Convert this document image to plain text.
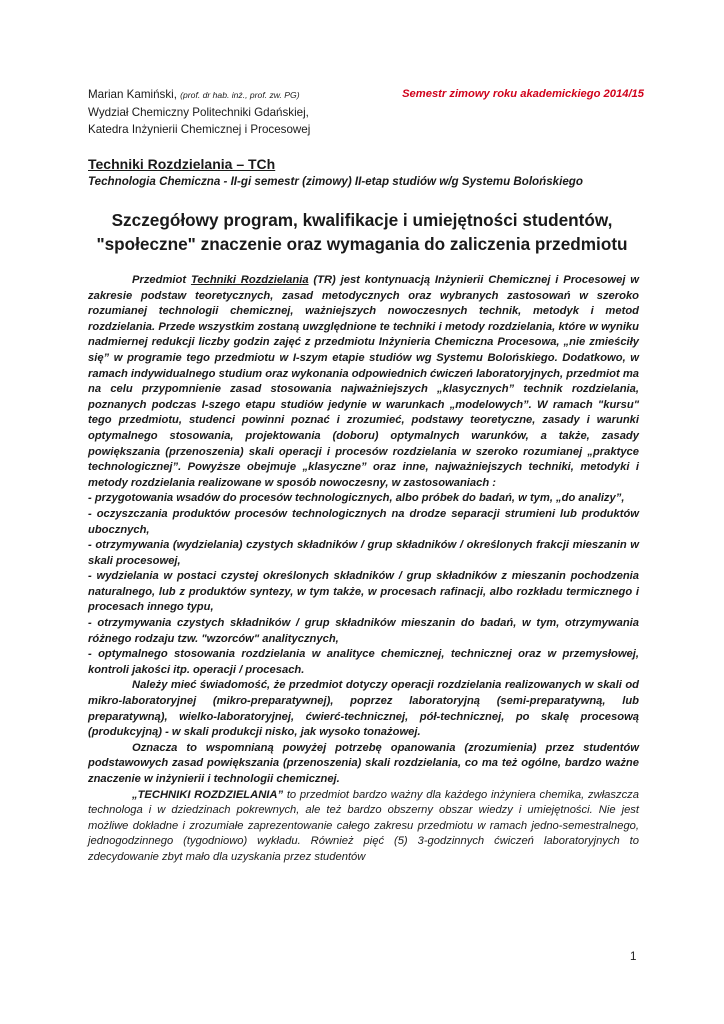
Marian Kamiński, (prof. dr hab. inż., prof. zw. PG)	Semestr zimowy roku akademickiego 2014/15
Wydział Chemiczny Politechniki Gdańskiej,
Katedra Inżynierii Chemicznej i Procesowej
Techniki Rozdzielania – TCh
Technologia Chemiczna - II-gi semestr (zimowy) II-etap studiów w/g Systemu Bolońskiego
Szczegółowy program, kwalifikacje i umiejętności studentów,
"społeczne" znaczenie oraz wymagania do zaliczenia przedmiotu

Przedmiot Techniki Rozdzielania (TR) jest kontynuacją Inżynierii Chemicznej i Procesowej w zakresie podstaw teoretycznych, zasad metodycznych oraz wybranych zastosowań w szeroko rozumianej technologii chemicznej, ważniejszych nowoczesnych technik, metodyk i metod rozdzielania. Przede wszystkim zostaną uwzględnione te techniki i metody rozdzielania, które w wyniku nadmiernej redukcji liczby godzin zajęć z przedmiotu Inżynieria Chemiczna Procesowa, „nie zmieściły się” w programie tego przedmiotu w I-szym etapie studiów wg Systemu Bolońskiego. Dodatkowo, w ramach indywidualnego studium oraz wykonania odpowiednich ćwiczeń laboratoryjnych, przedmiot ma na celu przypomnienie zasad stosowania najważniejszych „klasycznych” technik rozdzielania, poznanych podczas I-szego etapu studiów jedynie w warunkach „modelowych”. W ramach "kursu" tego przedmiotu, studenci powinni poznać i zrozumieć, podstawy teoretyczne, zasady i warunki optymalnego stosowania, projektowania (doboru) optymalnych warunków, a także, zasady powiększania (przenoszenia) skali operacji i procesów rozdzielania w szeroko rozumianej „praktyce technologicznej”. Powyższe obejmuje „klasyczne” oraz inne, najważniejszych techniki, metodyki i metody rozdzielania realizowane w sposób nowoczesny, w zastosowaniach :

- przygotowania wsadów do procesów technologicznych, albo próbek do badań, w tym, „do analizy”,

- oczyszczania produktów procesów technologicznych na drodze separacji strumieni lub produktów ubocznych,

- otrzymywania (wydzielania) czystych składników / grup składników / określonych frakcji mieszanin w skali procesowej,

- wydzielania w postaci czystej określonych składników / grup składników z mieszanin pochodzenia naturalnego, lub z produktów syntezy, w tym także, w procesach rafinacji, albo rozkładu termicznego i procesach innego typu,

- otrzymywania czystych składników / grup składników mieszanin do badań, w tym, otrzymywania różnego rodzaju tzw. "wzorców" analitycznych,

- optymalnego stosowania rozdzielania w analityce chemicznej, technicznej oraz w przemysłowej, kontroli jakości itp. operacji / procesach.

Należy mieć świadomość, że przedmiot dotyczy operacji rozdzielania realizowanych w skali od mikro-laboratoryjnej (mikro-preparatywnej), poprzez laboratoryjną (semi-preparatywną, lub preparatywną), wielko-laboratoryjnej, ćwierć-technicznej, pół-technicznej, po skalę procesową (produkcyjną) - w skali produkcji nisko, jak wysoko tonażowej.

Oznacza to wspomnianą powyżej potrzebę opanowania (zrozumienia) przez studentów podstawowych zasad powiększania (przenoszenia) skali rozdzielania, co ma też ogólne, bardzo ważne znaczenie w inżynierii i technologii chemicznej.

„TECHNIKI ROZDZIELANIA” to przedmiot bardzo ważny dla każdego inżyniera chemika, zwłaszcza technologa i w dziedzinach pokrewnych, ale też bardzo obszerny obszar wiedzy i umiejętności. Nie jest możliwe dokładne i zrozumiałe zaprezentowanie całego zakresu przedmiotu w ramach jedno-semestralnego, jednogodzinnego (tygodniowo) wykładu. Również pięć (5) 3-godzinnych ćwiczeń laboratoryjnych to zdecydowanie zbyt mało dla uzyskania przez studentów

1
